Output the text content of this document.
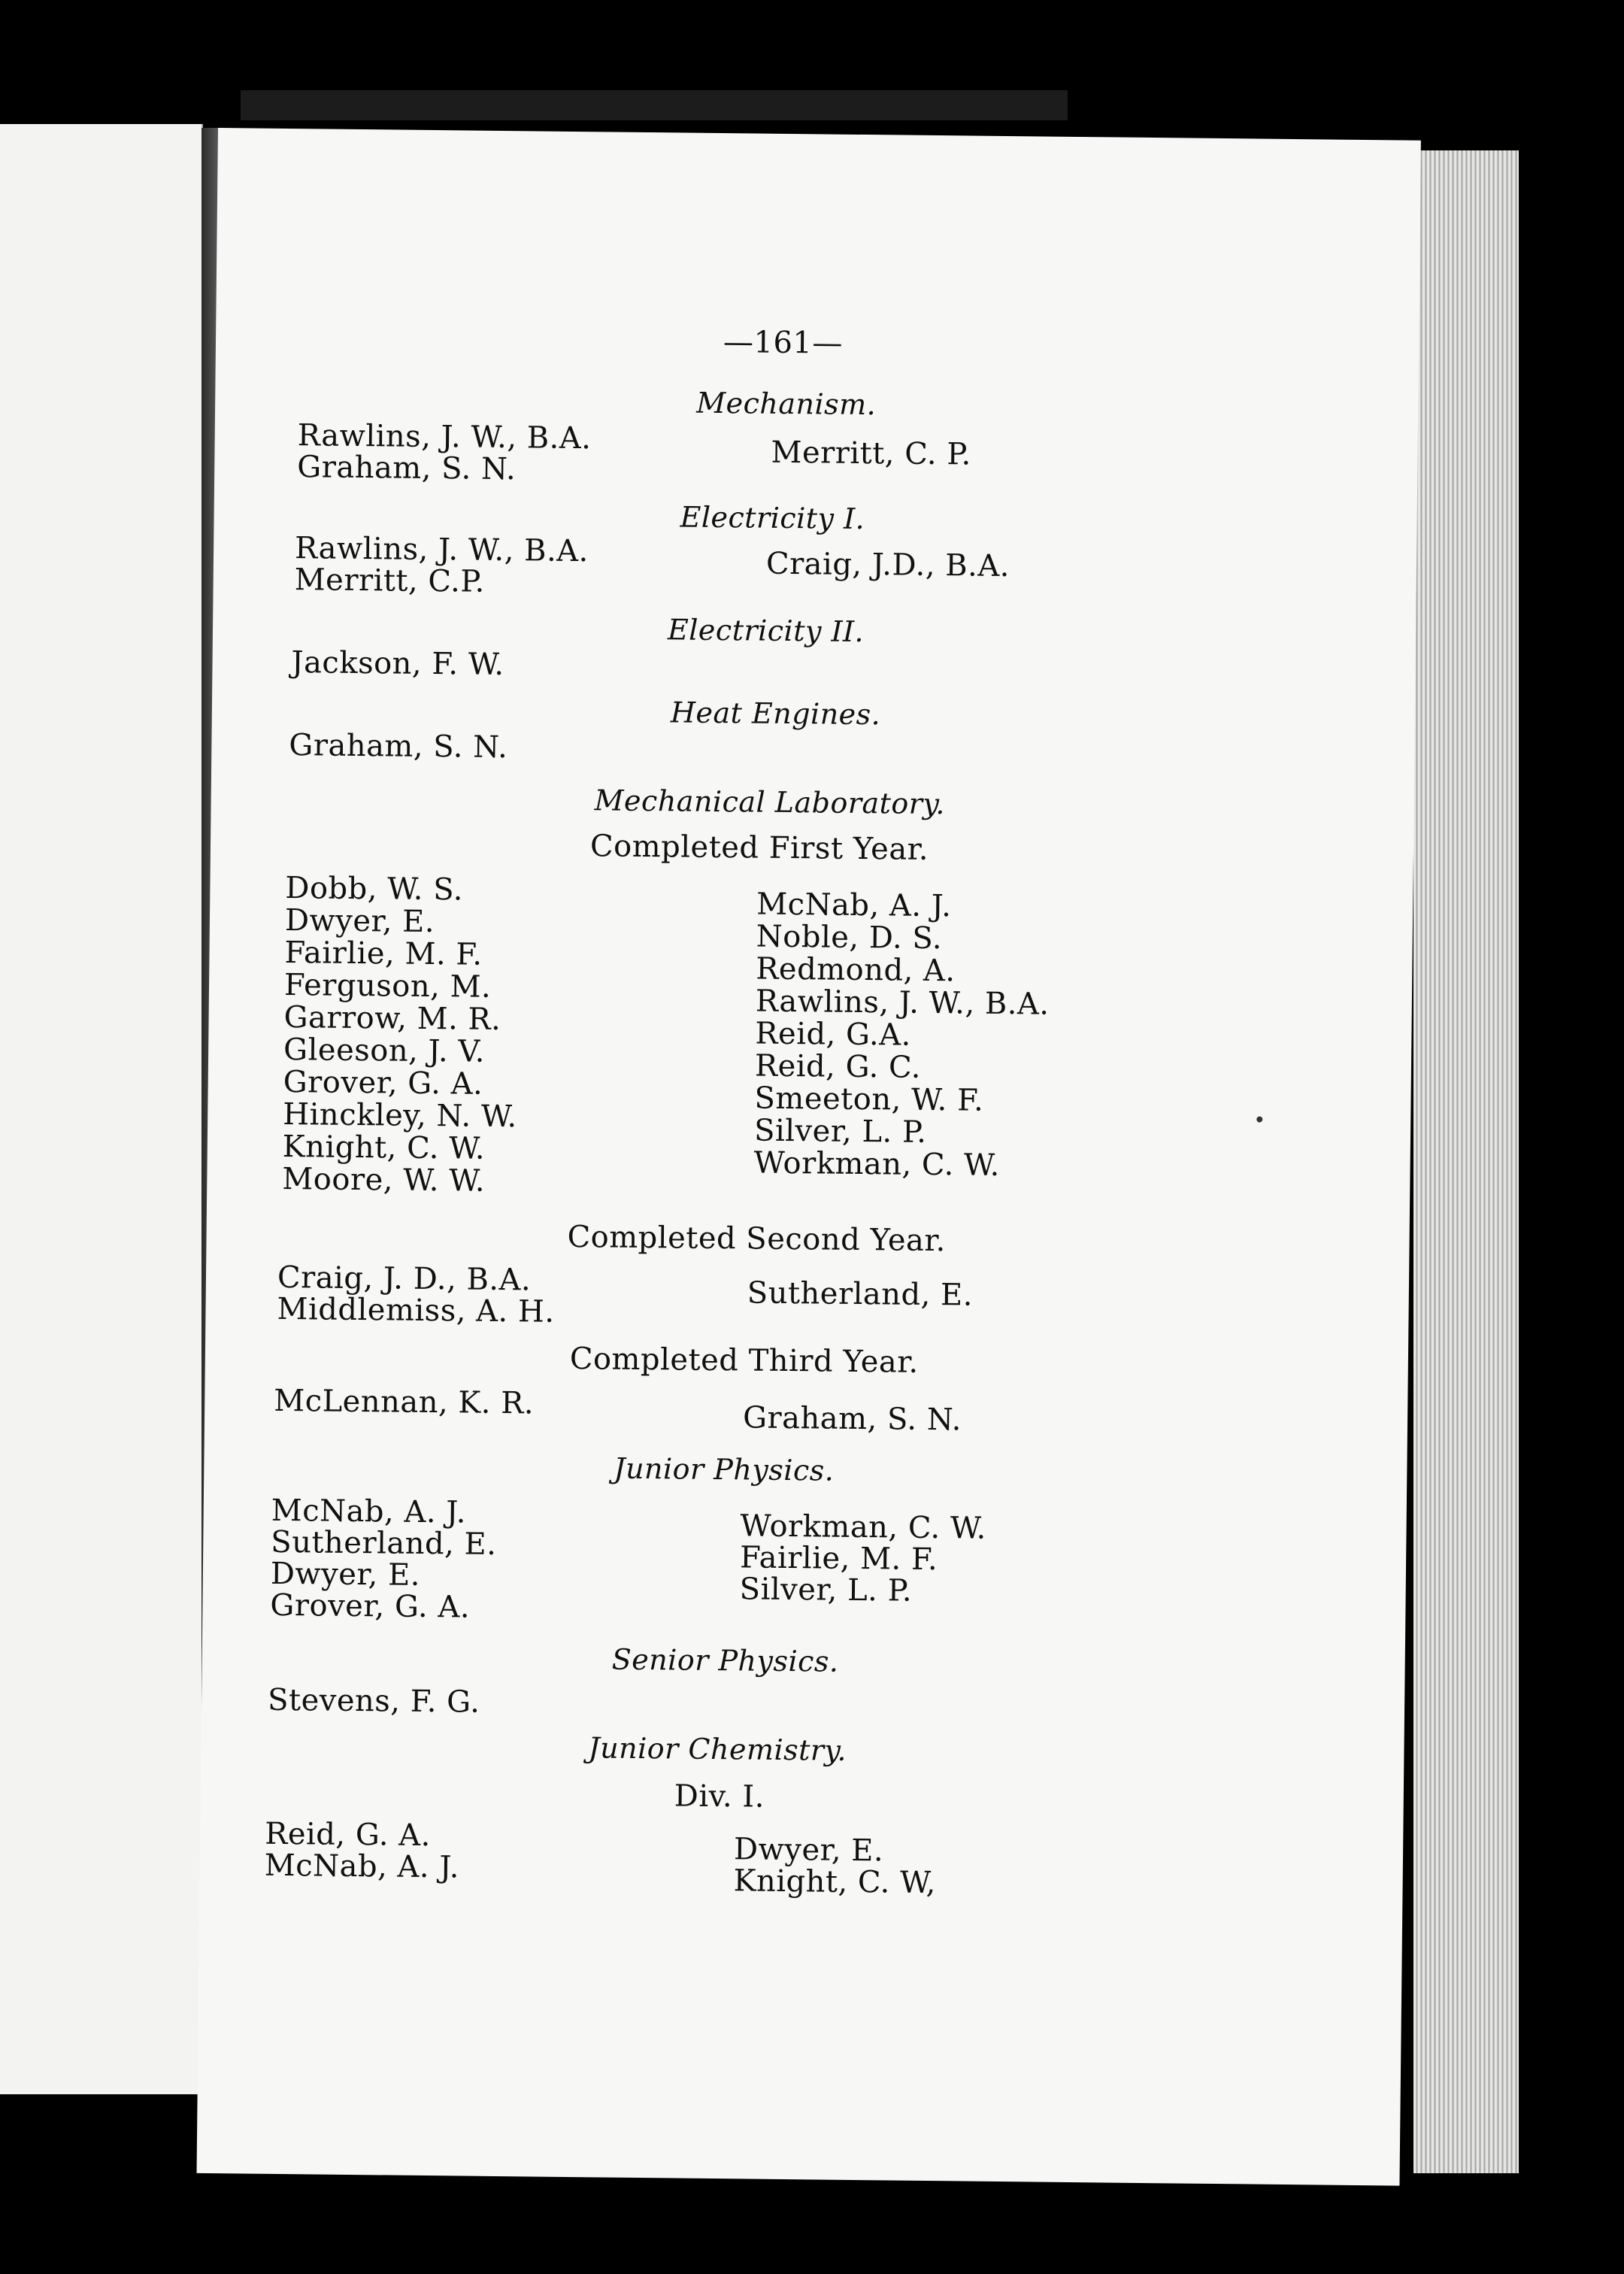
—161—
Mechanism.
Rawlins, J. W., B.A.
Graham, S. N.	Merritt, C. P.
Electricity I.
Rawlins, J. W., B.A.
Merritt, C.P.	Craig, J.D., B.A.
Electricity II.
Jackson, F. W.
Heat Engines.
Graham, S. N.
Mechanical Laboratory.
Completed First Year.
Dobb, W. S.
Dwyer, E.
Fairlie, M. F.
Ferguson, M.
Garrow, M. R.
Gleeson, J. V.
Grover, G. A.
Hinckley, N. W.
Knight, C. W.
Moore, W. W.
McNab, A. J.
Noble, D. S.
Redmond, A.
Rawlins, J. W., B.A.
Reid, G.A.
Reid, G. C.
Smeeton, W. F.
Silver, L. P.
Workman, C. W.
Completed Second Year.
Craig, J. D., B.A.
Middlemiss, A. H.	Sutherland, E.
Completed Third Year.
McLennan, K. R.	Graham, S. N.
Junior Physics.
McNab, A. J.
Sutherland, E.
Dwyer, E.
Grover, G. A.
Workman, C. W.
Fairlie, M. F.
Silver, L. P.
Senior Physics.
Stevens, F. G.
Junior Chemistry.
Div. I.
Reid, G. A.
McNab, A. J.	Dwyer, E.
Knight, C. W,
